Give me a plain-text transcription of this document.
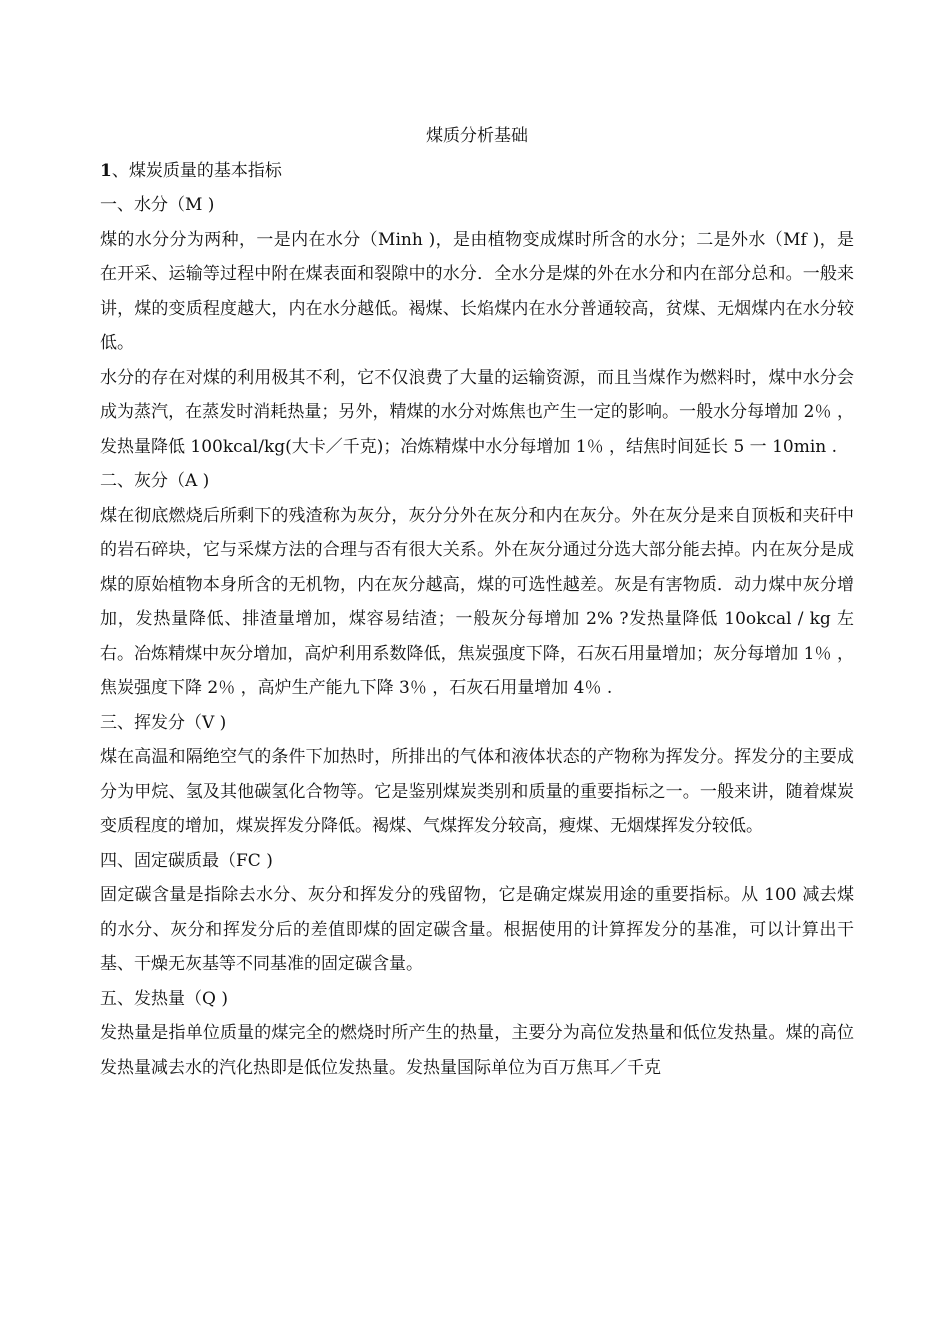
煤质分析基础

1、煤炭质量的基本指标

一、水分（M )

煤的水分分为两种，一是内在水分（Minh )，是由植物变成煤时所含的水分；二是外水（Mf )，是在开采、运输等过程中附在煤表面和裂隙中的水分．全水分是煤的外在水分和内在部分总和。一般来讲，煤的变质程度越大，内在水分越低。褐煤、长焰煤内在水分普通较高，贫煤、无烟煤内在水分较低。

水分的存在对煤的利用极其不利，它不仅浪费了大量的运输资源，而且当煤作为燃料时，煤中水分会成为蒸汽，在蒸发时消耗热量；另外，精煤的水分对炼焦也产生一定的影响。一般水分每增加 2％ ，发热量降低 100kcal/kg(大卡／千克)；冶炼精煤中水分每增加 1％ ，结焦时间延长 5 一 10min .

二、灰分（A )

煤在彻底燃烧后所剩下的残渣称为灰分，灰分分外在灰分和内在灰分。外在灰分是来自顶板和夹矸中的岩石碎块，它与采煤方法的合理与否有很大关系。外在灰分通过分选大部分能去掉。内在灰分是成煤的原始植物本身所含的无机物，内在灰分越高，煤的可选性越差。灰是有害物质．动力煤中灰分增加，发热量降低、排渣量增加，煤容易结渣；一般灰分每增加 2% ?发热量降低 10okcal / kg 左右。冶炼精煤中灰分增加，高炉利用系数降低，焦炭强度下降，石灰石用量增加；灰分每增加 1％ ，焦炭强度下降 2％ ，高炉生产能九下降 3％ ，石灰石用量增加 4％ .

三、挥发分（V )

煤在高温和隔绝空气的条件下加热时，所排出的气体和液体状态的产物称为挥发分。挥发分的主要成分为甲烷、氢及其他碳氢化合物等。它是鉴别煤炭类别和质量的重要指标之一。一般来讲，随着煤炭变质程度的增加，煤炭挥发分降低。褐煤、气煤挥发分较高，瘦煤、无烟煤挥发分较低。

四、固定碳质最（FC )

固定碳含量是指除去水分、灰分和挥发分的残留物，它是确定煤炭用途的重要指标。从 100 减去煤的水分、灰分和挥发分后的差值即煤的固定碳含量。根据使用的计算挥发分的基准，可以计算出干基、干燥无灰基等不同基准的固定碳含量。

五、发热量（Q )

发热量是指单位质量的煤完全的燃烧时所产生的热量，主要分为高位发热量和低位发热量。煤的高位发热量减去水的汽化热即是低位发热量。发热量国际单位为百万焦耳／千克
